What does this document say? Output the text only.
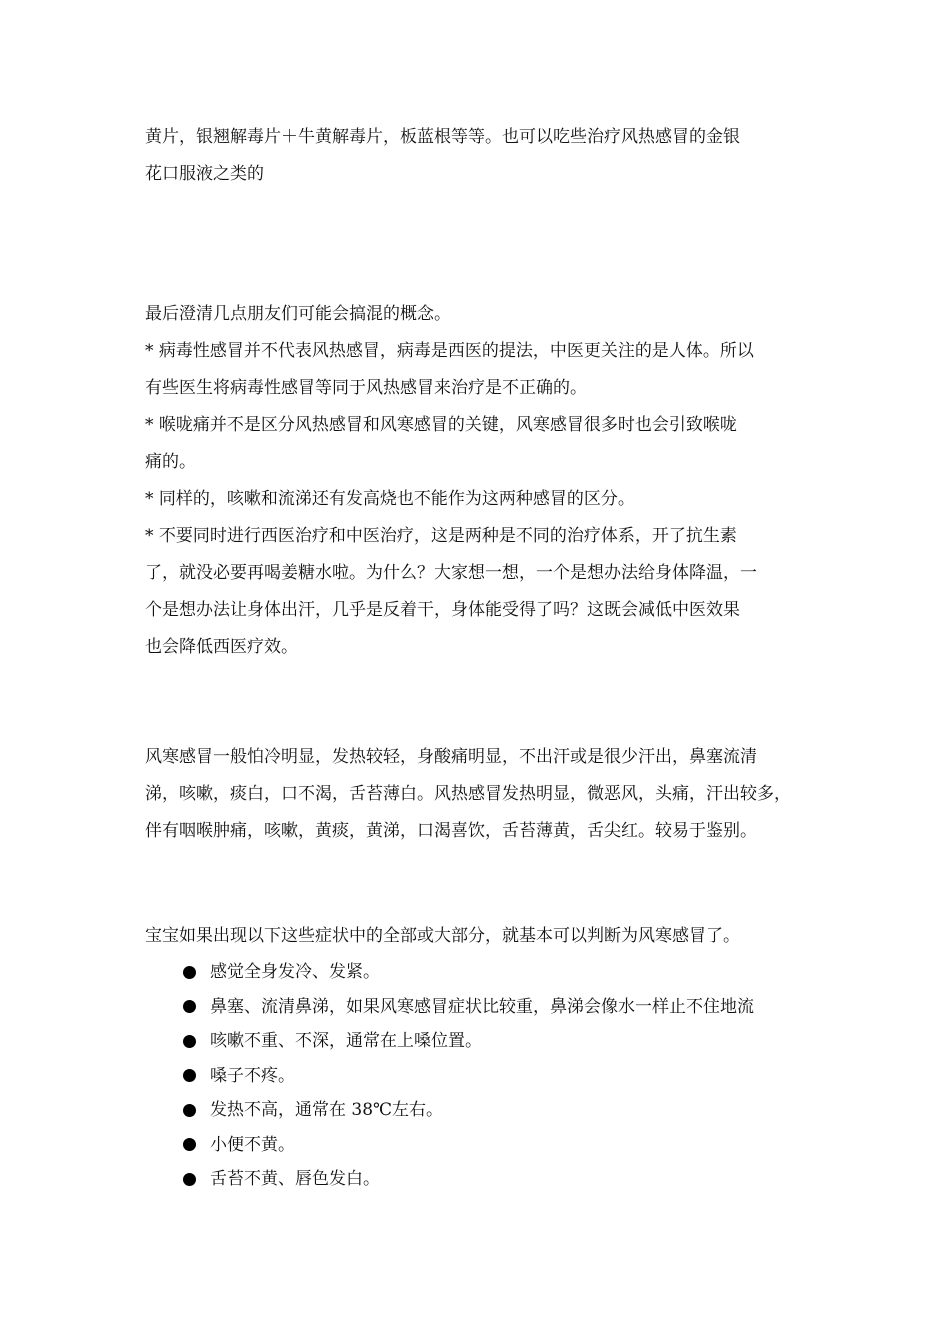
黄片，银翘解毒片＋牛黄解毒片，板蓝根等等。也可以吃些治疗风热感冒的金银
花口服液之类的
最后澄清几点朋友们可能会搞混的概念。
* 病毒性感冒并不代表风热感冒，病毒是西医的提法，中医更关注的是人体。所以
有些医生将病毒性感冒等同于风热感冒来治疗是不正确的。
* 喉咙痛并不是区分风热感冒和风寒感冒的关键，风寒感冒很多时也会引致喉咙
痛的。
* 同样的，咳嗽和流涕还有发高烧也不能作为这两种感冒的区分。
* 不要同时进行西医治疗和中医治疗，这是两种是不同的治疗体系，开了抗生素
了，就没必要再喝姜糖水啦。为什么？大家想一想，一个是想办法给身体降温，一
个是想办法让身体出汗，几乎是反着干，身体能受得了吗？这既会减低中医效果
也会降低西医疗效。
风寒感冒一般怕冷明显，发热较轻，身酸痛明显，不出汗或是很少汗出，鼻塞流清
涕，咳嗽，痰白，口不渴，舌苔薄白。风热感冒发热明显，微恶风，头痛，汗出较多，
伴有咽喉肿痛，咳嗽，黄痰，黄涕，口渴喜饮，舌苔薄黄，舌尖红。较易于鉴别。
宝宝如果出现以下这些症状中的全部或大部分，就基本可以判断为风寒感冒了。
感觉全身发冷、发紧。
鼻塞、流清鼻涕，如果风寒感冒症状比较重，鼻涕会像水一样止不住地流
咳嗽不重、不深，通常在上嗓位置。
嗓子不疼。
发热不高，通常在 38℃左右。
小便不黄。
舌苔不黄、唇色发白。
